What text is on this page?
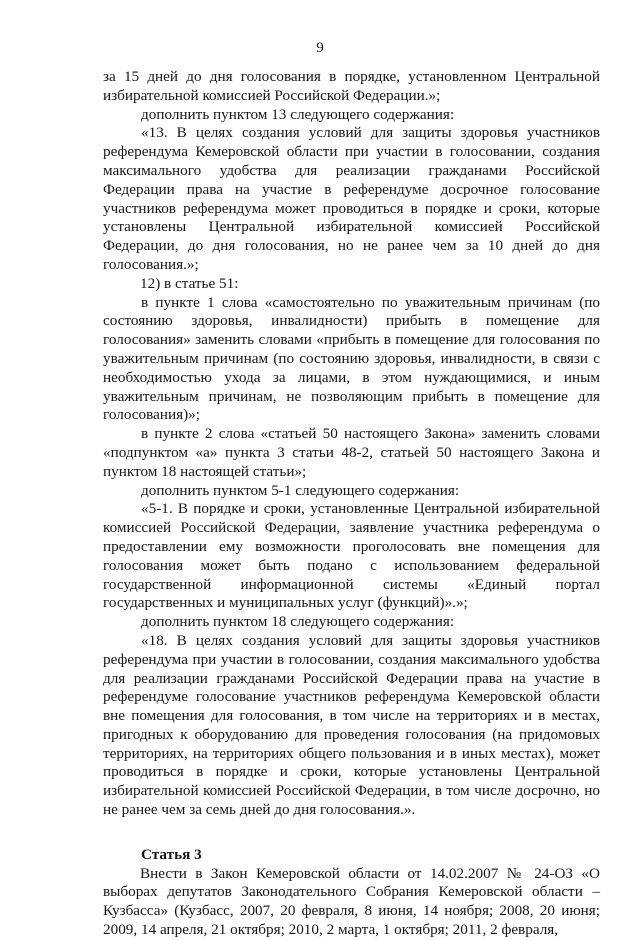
9

за 15 дней до дня голосования в порядке, установленном Центральной избирательной комиссией Российской Федерации.»;

дополнить пунктом 13 следующего содержания:

«13. В целях создания условий для защиты здоровья участников референдума Кемеровской области при участии в голосовании, создания максимального удобства для реализации гражданами Российской Федерации права на участие в референдуме досрочное голосование участников референдума может проводиться в порядке и сроки, которые установлены Центральной избирательной комиссией Российской Федерации, до дня голосования, но не ранее чем за 10 дней до дня голосования.»;

12) в статье 51:

в пункте 1 слова «самостоятельно по уважительным причинам (по состоянию здоровья, инвалидности) прибыть в помещение для голосования» заменить словами «прибыть в помещение для голосования по уважительным причинам (по состоянию здоровья, инвалидности, в связи с необходимостью ухода за лицами, в этом нуждающимися, и иным уважительным причинам, не позволяющим прибыть в помещение для голосования)»;

в пункте 2 слова «статьей 50 настоящего Закона» заменить словами «подпунктом «а» пункта 3 статьи 48-2, статьей 50 настоящего Закона и пунктом 18 настоящей статьи»;

дополнить пунктом 5-1 следующего содержания:

«5-1. В порядке и сроки, установленные Центральной избирательной комиссией Российской Федерации, заявление участника референдума о предоставлении ему возможности проголосовать вне помещения для голосования может быть подано с использованием федеральной государственной информационной системы «Единый портал государственных и муниципальных услуг (функций)».»;

дополнить пунктом 18 следующего содержания:

«18. В целях создания условий для защиты здоровья участников референдума при участии в голосовании, создания максимального удобства для реализации гражданами Российской Федерации права на участие в референдуме голосование участников референдума Кемеровской области вне помещения для голосования, в том числе на территориях и в местах, пригодных к оборудованию для проведения голосования (на придомовых территориях, на территориях общего пользования и в иных местах), может проводиться в порядке и сроки, которые установлены Центральной избирательной комиссией Российской Федерации, в том числе досрочно, но не ранее чем за семь дней до дня голосования.».

Статья 3

Внести в Закон Кемеровской области от 14.02.2007 № 24-ОЗ «О выборах депутатов Законодательного Собрания Кемеровской области – Кузбасса» (Кузбасс, 2007, 20 февраля, 8 июня, 14 ноября; 2008, 20 июня; 2009, 14 апреля, 21 октября; 2010, 2 марта, 1 октября; 2011, 2 февраля,
